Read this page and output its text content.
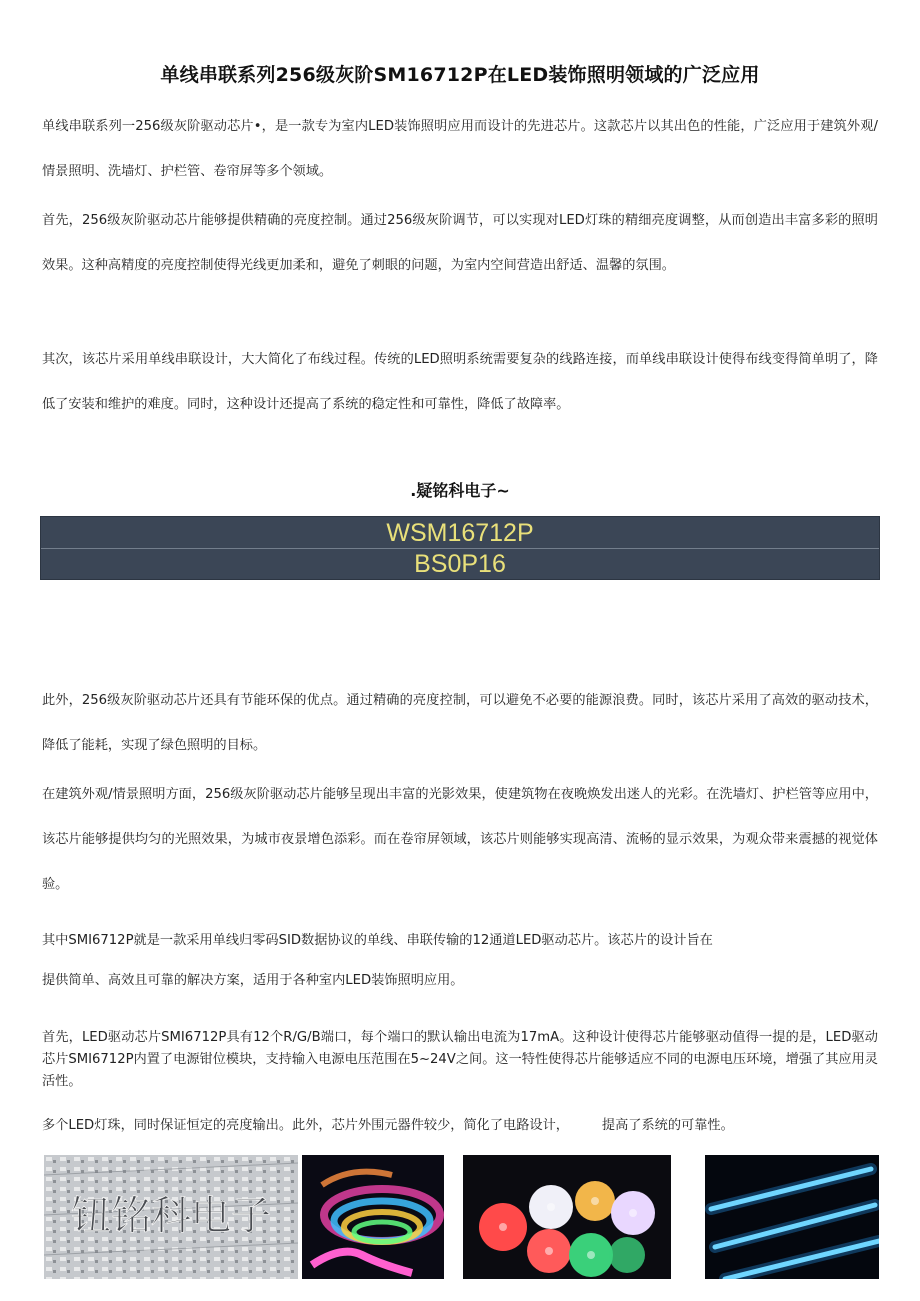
单线串联系列256级灰阶SM16712P在LED装饰照明领域的广泛应用

单线串联系列一256级灰阶驱动芯片•，是一款专为室内LED装饰照明应用而设计的先进芯片。这款芯片以其出色的性能，广泛应用于建筑外观/情景照明、洗墙灯、护栏管、卷帘屏等多个领域。

首先，256级灰阶驱动芯片能够提供精确的亮度控制。通过256级灰阶调节，可以实现对LED灯珠的精细亮度调整，从而创造出丰富多彩的照明效果。这种高精度的亮度控制使得光线更加柔和，避免了刺眼的问题，为室内空间营造出舒适、温馨的氛围。

其次，该芯片采用单线串联设计，大大简化了布线过程。传统的LED照明系统需要复杂的线路连接，而单线串联设计使得布线变得简单明了，降低了安装和维护的难度。同时，这种设计还提高了系统的稳定性和可靠性，降低了故障率。

.疑铭科电子~
WSM16712P
BS0P16

此外，256级灰阶驱动芯片还具有节能环保的优点。通过精确的亮度控制，可以避免不必要的能源浪费。同时，该芯片采用了高效的驱动技术，降低了能耗，实现了绿色照明的目标。

在建筑外观/情景照明方面，256级灰阶驱动芯片能够呈现出丰富的光影效果，使建筑物在夜晚焕发出迷人的光彩。在洗墙灯、护栏管等应用中，该芯片能够提供均匀的光照效果，为城市夜景增色添彩。而在卷帘屏领域，该芯片则能够实现高清、流畅的显示效果，为观众带来震撼的视觉体验。

其中SMI6712P就是一款采用单线归零码SID数据协议的单线、串联传输的12通道LED驱动芯片。该芯片的设计旨在

提供简单、高效且可靠的解决方案，适用于各种室内LED装饰照明应用。

首先，LED驱动芯片SMI6712P具有12个R/G/B端口，每个端口的默认输出电流为17mA。这种设计使得芯片能够驱动值得一提的是，LED驱动芯片SMI6712P内置了电源钳位模块，支持输入电源电压范围在5~24V之间。这一特性使得芯片能够适应不同的电源电压环境，增强了其应用灵活性。

多个LED灯珠，同时保证恒定的亮度输出。此外，芯片外围元器件较少，简化了电路设计，　　　提高了系统的可靠性。

钮铭科电子
